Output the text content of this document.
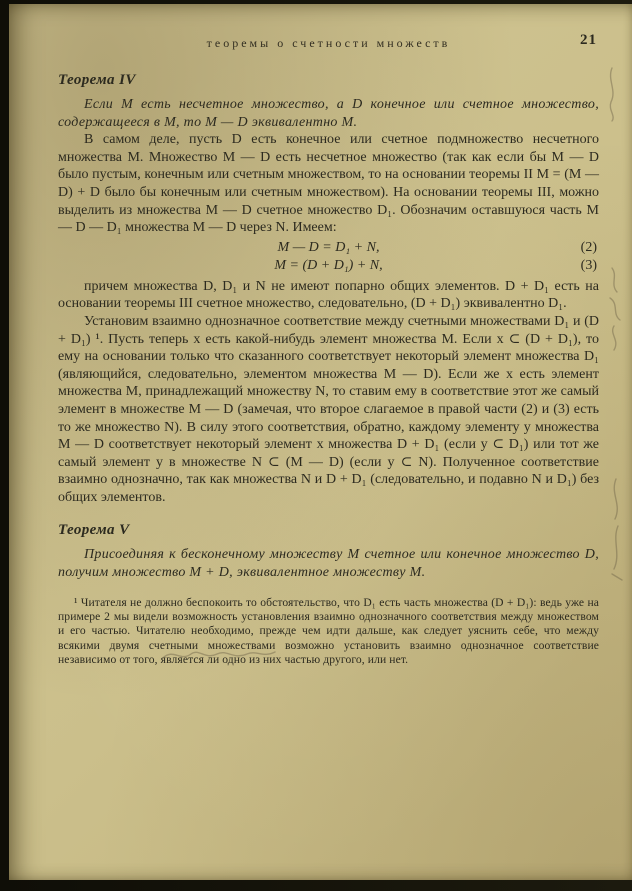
теоремы о счетности множеств	21
Теорема IV

Если М есть несчетное множество, а D конечное или счетное множество, содержащееся в М, то М — D эквивалентно М.

В самом деле, пусть D есть конечное или счетное подмножество несчетного множества М. Множество М — D есть несчетное множество (так как если бы М — D было пустым, конечным или счетным множеством, то на основании теоремы II М = (М — D) + D было бы конечным или счетным множеством). На основании теоремы III, можно выделить из множества М — D счетное множество D₁. Обозначим оставшуюся часть М — D — D₁ множества М — D через N. Имеем:

М — D = D₁ + N,	(2)
М = (D + D₁) + N,	(3)

причем множества D, D₁ и N не имеют попарно общих элементов. D + D₁ есть на основании теоремы III счетное множество, следовательно, (D + D₁) эквивалентно D₁.

Установим взаимно однозначное соответствие между счетными множествами D₁ и (D + D₁) ¹. Пусть теперь х есть какой-нибудь элемент множества М. Если х ⊂ (D + D₁), то ему на основании только что сказанного соответствует некоторый элемент множества D₁ (являющийся, следовательно, элементом множества М — D). Если же х есть элемент множества М, принадлежащий множеству N, то ставим ему в соответствие этот же самый элемент в множестве М — D (замечая, что второе слагаемое в правой части (2) и (3) есть то же множество N). В силу этого соответствия, обратно, каждому элементу у множества М — D соответствует некоторый элемент х множества D + D₁ (если у ⊂ D₁) или тот же самый элемент у в множестве N ⊂ (М — D) (если у ⊂ N). Полученное соответствие взаимно однозначно, так как множества N и D + D₁ (следовательно, и подавно N и D₁) без общих элементов.

Теорема V

Присоединяя к бесконечному множеству М счетное или конечное множество D, получим множество М + D, эквивалентное множеству М.

¹ Читателя не должно беспокоить то обстоятельство, что D₁ есть часть множества (D + D₁): ведь уже на примере 2 мы видели возможность установления взаимно однозначного соответствия между множеством и его частью. Читателю необходимо, прежде чем идти дальше, как следует уяснить себе, что между всякими двумя счетными множествами возможно установить взаимно однозначное соответствие независимо от того, является ли одно из них частью другого, или нет.
